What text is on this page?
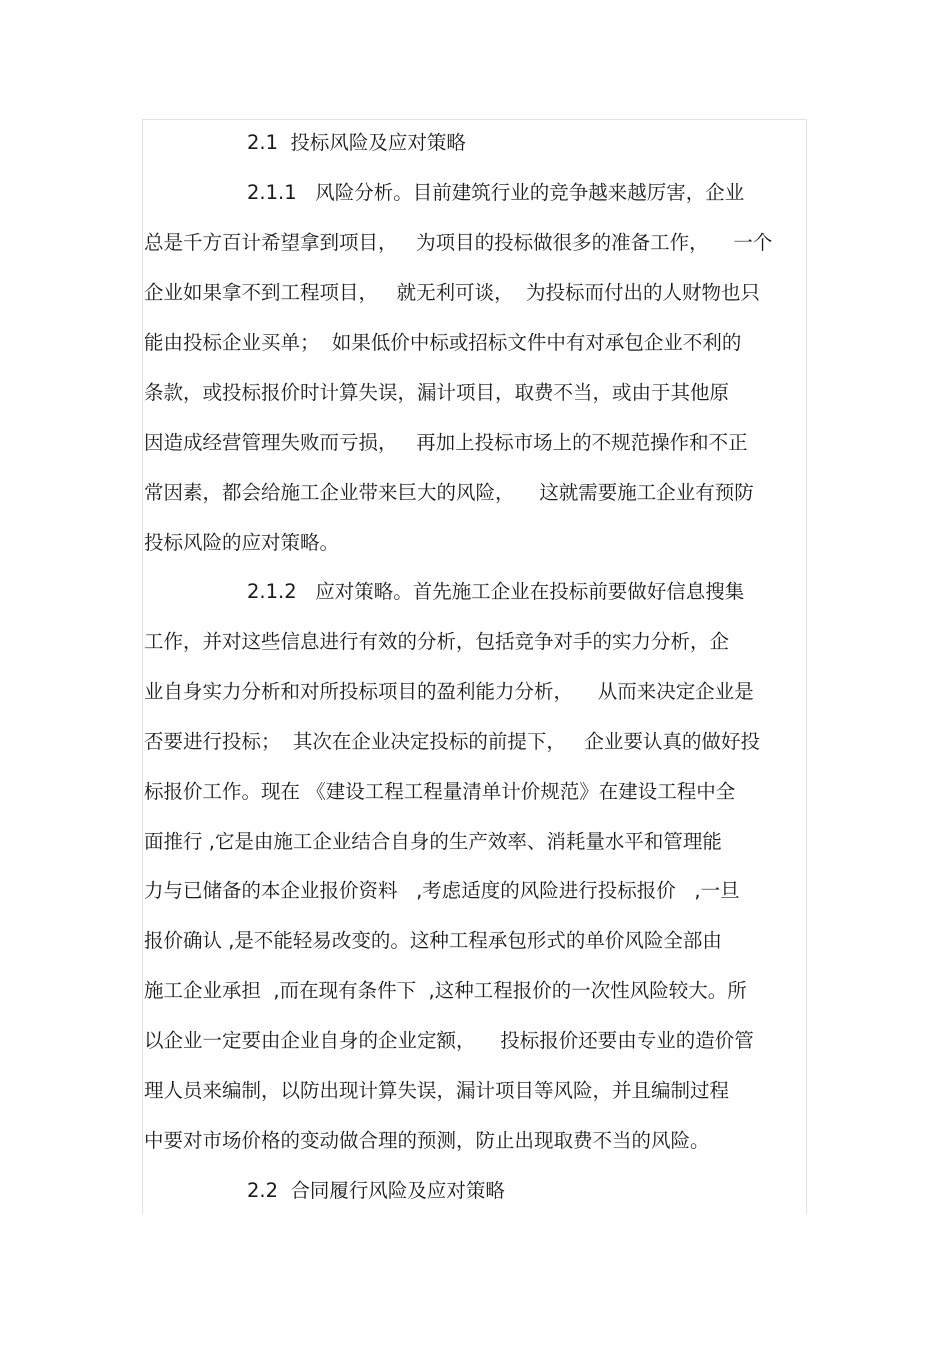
2.1  投标风险及应对策略
2.1.1   风险分析。目前建筑行业的竞争越来越厉害，企业
总是千方百计希望拿到项目，   为项目的投标做很多的准备工作，    一个
企业如果拿不到工程项目，   就无利可谈，  为投标而付出的人财物也只
能由投标企业买单；  如果低价中标或招标文件中有对承包企业不利的
条款，或投标报价时计算失误，漏计项目，取费不当，或由于其他原
因造成经营管理失败而亏损，   再加上投标市场上的不规范操作和不正
常因素，都会给施工企业带来巨大的风险，    这就需要施工企业有预防
投标风险的应对策略。
2.1.2   应对策略。首先施工企业在投标前要做好信息搜集
工作，并对这些信息进行有效的分析，包括竞争对手的实力分析，企
业自身实力分析和对所投标项目的盈利能力分析，    从而来决定企业是
否要进行投标；  其次在企业决定投标的前提下，   企业要认真的做好投
标报价工作。现在 《建设工程工程量清单计价规范》在建设工程中全
面推行 ,它是由施工企业结合自身的生产效率、消耗量水平和管理能
力与已储备的本企业报价资料   ,考虑适度的风险进行投标报价   ,一旦
报价确认 ,是不能轻易改变的。这种工程承包形式的单价风险全部由
施工企业承担  ,而在现有条件下  ,这种工程报价的一次性风险较大。所
以企业一定要由企业自身的企业定额，    投标报价还要由专业的造价管
理人员来编制，以防出现计算失误，漏计项目等风险，并且编制过程
中要对市场价格的变动做合理的预测，防止出现取费不当的风险。
2.2  合同履行风险及应对策略
